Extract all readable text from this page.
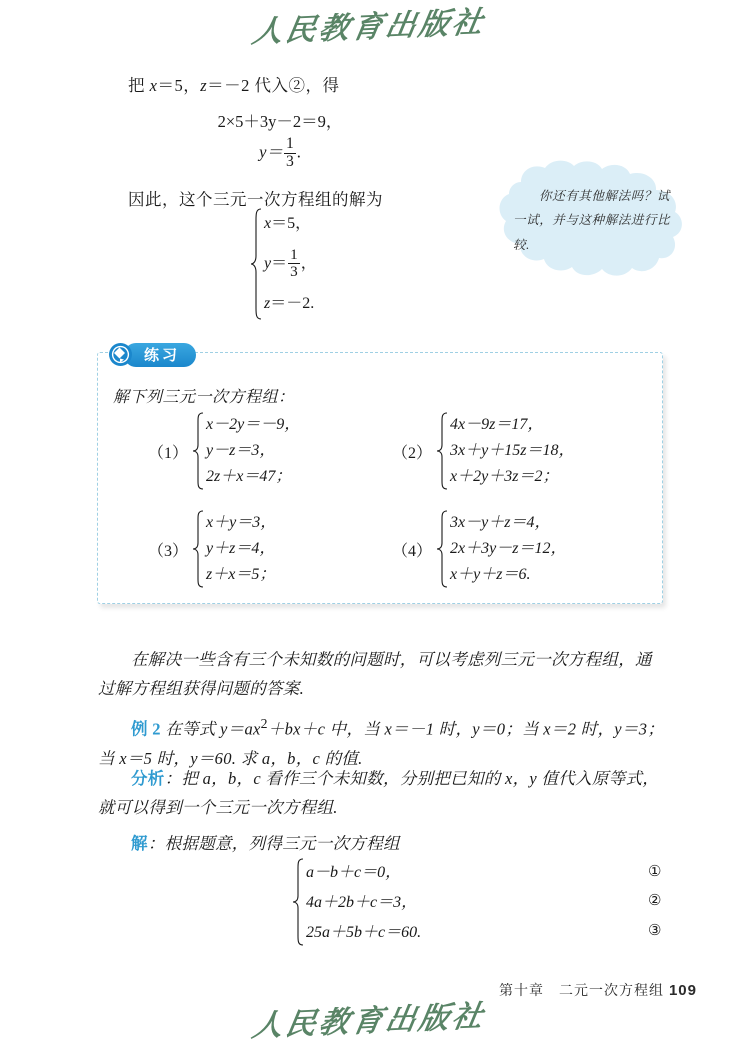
人民教育出版社
把 x＝5，z＝－2 代入②，得
2×5＋3y－2＝9，
$y= \frac{1}{3}$ .
因此，这个三元一次方程组的解为
x＝5，
$y= \frac{1}{3}$ ，
z＝－2.
你还有其他解法吗？试一试，并与这种解法进行比较.
练习
解下列三元一次方程组：
（1）
x－2y＝－9，
y－z＝3，
2z＋x＝47；
（2）
4x－9z＝17，
3x＋y＋15z＝18，
x＋2y＋3z＝2；
（3）
x＋y＝3，
y＋z＝4，
z＋x＝5；
（4）
3x－y＋z＝4，
2x＋3y－z＝12，
x＋y＋z＝6.
在解决一些含有三个未知数的问题时，可以考虑列三元一次方程组，通过解方程组获得问题的答案.
例 2 在等式 $y=ax^2+bx+c$ 中，当 x＝－1 时，y＝0；当 x＝2 时，y＝3；当 x＝5 时，y＝60. 求 a，b，c 的值.
分析：把 a，b，c 看作三个未知数，分别把已知的 x，y 值代入原等式，就可以得到一个三元一次方程组.
解：根据题意，列得三元一次方程组
a－b＋c＝0，
4a＋2b＋c＝3，
25a＋5b＋c＝60.
①
②
③
第十章　二元一次方程组 109
人民教育出版社
